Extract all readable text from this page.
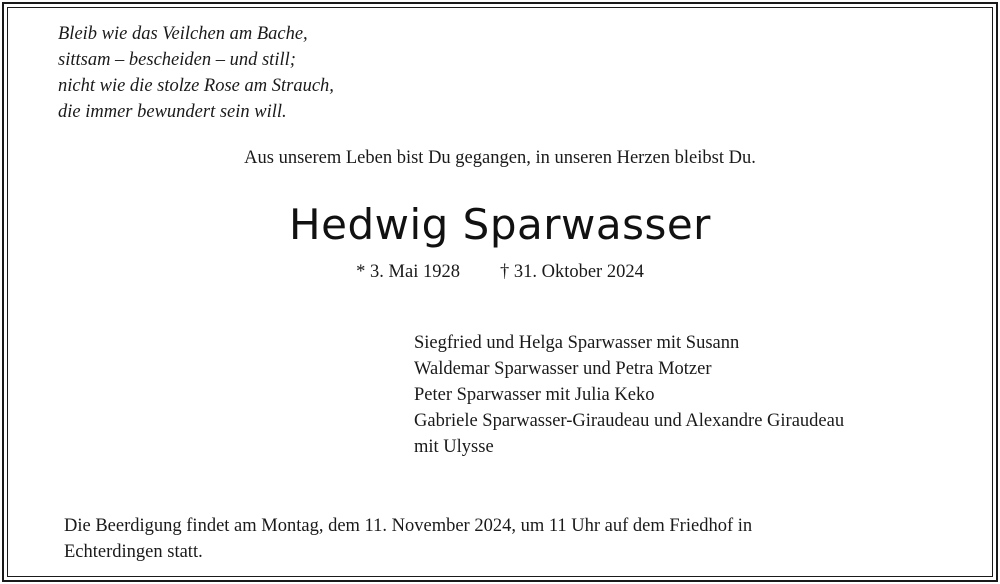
Bleib wie das Veilchen am Bache,
sittsam – bescheiden – und still;
nicht wie die stolze Rose am Strauch,
die immer bewundert sein will.
Aus unserem Leben bist Du gegangen, in unseren Herzen bleibst Du.
Hedwig Sparwasser
* 3. Mai 1928 † 31. Oktober 2024
Siegfried und Helga Sparwasser mit Susann
Waldemar Sparwasser und Petra Motzer
Peter Sparwasser mit Julia Keko
Gabriele Sparwasser-Giraudeau und Alexandre Giraudeau
mit Ulysse
Die Beerdigung findet am Montag, dem 11. November 2024, um 11 Uhr auf dem Friedhof in
Echterdingen statt.
